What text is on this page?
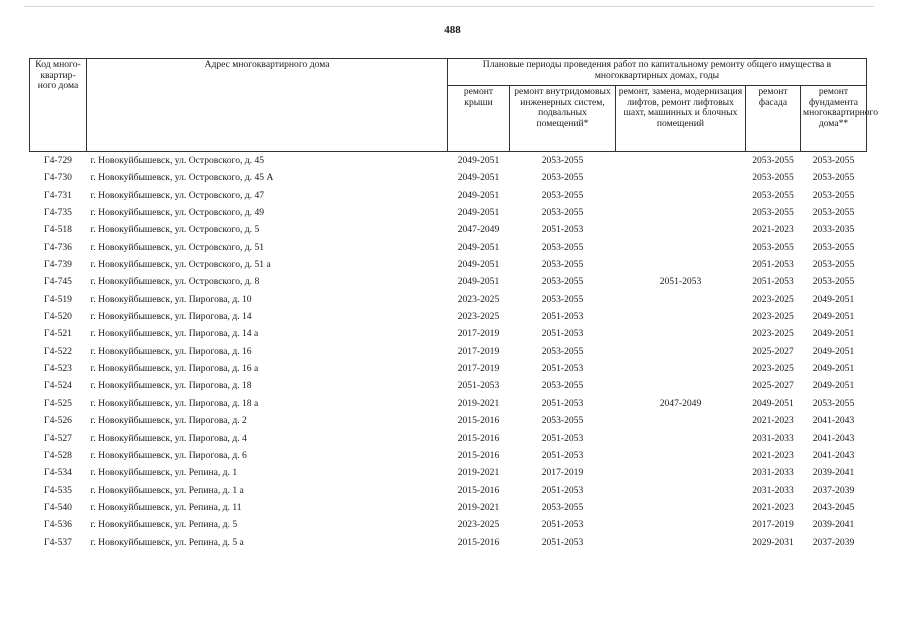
488
Код много-квартир-ного дома	Адрес многоквартирного дома	Плановые периоды проведения работ по капитальному ремонту общего имущества в многоквартирных домах, годы				
		ремонт крыши	ремонт внутридомовых инженерных систем, подвальных помещений*	ремонт, замена, модернизация лифтов, ремонт лифтовых шахт, машинных и блочных помещений	ремонт фасада	ремонт фундамента многоквартирного дома**
Г4-729	г. Новокуйбышевск, ул. Островского, д. 45	2049-2051	2053-2055		2053-2055	2053-2055
Г4-730	г. Новокуйбышевск, ул. Островского, д. 45 А	2049-2051	2053-2055		2053-2055	2053-2055
Г4-731	г. Новокуйбышевск, ул. Островского, д. 47	2049-2051	2053-2055		2053-2055	2053-2055
Г4-735	г. Новокуйбышевск, ул. Островского, д. 49	2049-2051	2053-2055		2053-2055	2053-2055
Г4-518	г. Новокуйбышевск, ул. Островского, д. 5	2047-2049	2051-2053		2021-2023	2033-2035
Г4-736	г. Новокуйбышевск, ул. Островского, д. 51	2049-2051	2053-2055		2053-2055	2053-2055
Г4-739	г. Новокуйбышевск, ул. Островского, д. 51 а	2049-2051	2053-2055		2051-2053	2053-2055
Г4-745	г. Новокуйбышевск, ул. Островского, д. 8	2049-2051	2053-2055	2051-2053	2051-2053	2053-2055
Г4-519	г. Новокуйбышевск, ул. Пирогова, д. 10	2023-2025	2053-2055		2023-2025	2049-2051
Г4-520	г. Новокуйбышевск, ул. Пирогова, д. 14	2023-2025	2051-2053		2023-2025	2049-2051
Г4-521	г. Новокуйбышевск, ул. Пирогова, д. 14 а	2017-2019	2051-2053		2023-2025	2049-2051
Г4-522	г. Новокуйбышевск, ул. Пирогова, д. 16	2017-2019	2053-2055		2025-2027	2049-2051
Г4-523	г. Новокуйбышевск, ул. Пирогова, д. 16 а	2017-2019	2051-2053		2023-2025	2049-2051
Г4-524	г. Новокуйбышевск, ул. Пирогова, д. 18	2051-2053	2053-2055		2025-2027	2049-2051
Г4-525	г. Новокуйбышевск, ул. Пирогова, д. 18 а	2019-2021	2051-2053	2047-2049	2049-2051	2053-2055
Г4-526	г. Новокуйбышевск, ул. Пирогова, д. 2	2015-2016	2053-2055		2021-2023	2041-2043
Г4-527	г. Новокуйбышевск, ул. Пирогова, д. 4	2015-2016	2051-2053		2031-2033	2041-2043
Г4-528	г. Новокуйбышевск, ул. Пирогова, д. 6	2015-2016	2051-2053		2021-2023	2041-2043
Г4-534	г. Новокуйбышевск, ул. Репина, д. 1	2019-2021	2017-2019		2031-2033	2039-2041
Г4-535	г. Новокуйбышевск, ул. Репина, д. 1 а	2015-2016	2051-2053		2031-2033	2037-2039
Г4-540	г. Новокуйбышевск, ул. Репина, д. 11	2019-2021	2053-2055		2021-2023	2043-2045
Г4-536	г. Новокуйбышевск, ул. Репина, д. 5	2023-2025	2051-2053		2017-2019	2039-2041
Г4-537	г. Новокуйбышевск, ул. Репина, д. 5 а	2015-2016	2051-2053		2029-2031	2037-2039
